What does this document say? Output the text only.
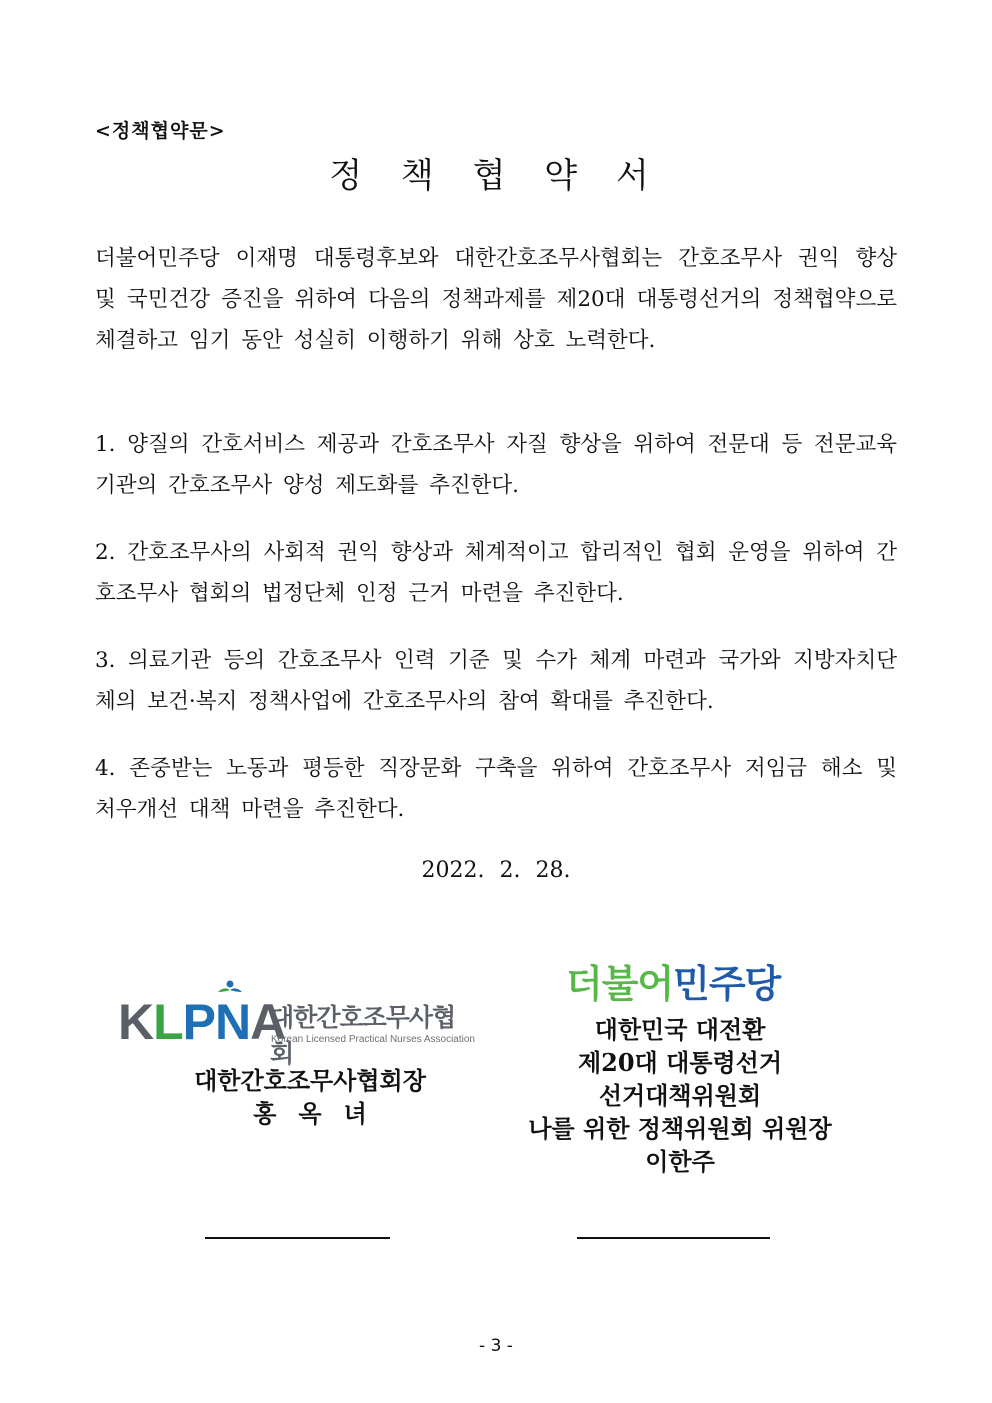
<정책협약문>
정 책 협 약 서
더불어민주당 이재명 대통령후보와 대한간호조무사협회는 간호조무사 권익 향상 및 국민건강 증진을 위하여 다음의 정책과제를 제20대 대통령선거의 정책협약으로 체결하고 임기 동안 성실히 이행하기 위해 상호 노력한다.
1. 양질의 간호서비스 제공과 간호조무사 자질 향상을 위하여 전문대 등 전문교육기관의 간호조무사 양성 제도화를 추진한다.
2. 간호조무사의 사회적 권익 향상과 체계적이고 합리적인 협회 운영을 위하여 간호조무사 협회의 법정단체 인정 근거 마련을 추진한다.
3. 의료기관 등의 간호조무사 인력 기준 및 수가 체계 마련과 국가와 지방자치단체의 보건·복지 정책사업에 간호조무사의 참여 확대를 추진한다.
4. 존중받는 노동과 평등한 직장문화 구축을 위하여 간호조무사 저임금 해소 및 처우개선 대책 마련을 추진한다.
2022. 2. 28.
KLPNA
대한간호조무사협회
Korean Licensed Practical Nurses Association
더불어민주당
대한간호조무사협회장
홍옥녀
대한민국 대전환
제20대 대통령선거
선거대책위원회
나를 위한 정책위원회 위원장
이한주
- 3 -
